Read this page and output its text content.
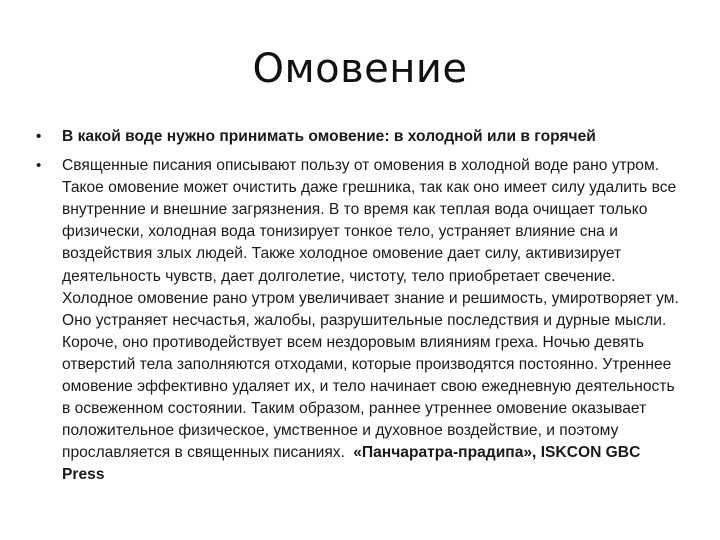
Омовение
•	В какой воде нужно принимать омовение: в холодной или в горячей
•	Священные писания описывают пользу от омовения в холодной воде рано утром. Такое омовение может очистить даже грешника, так как оно имеет силу удалить все внутренние и внешние загрязнения. В то время как теплая вода очищает только физически, холодная вода тонизирует тонкое тело, устраняет влияние сна и воздействия злых людей. Также холодное омовение дает силу, активизирует деятельность чувств, дает долголетие, чистоту, тело приобретает свечение. Холодное омовение рано утром увеличивает знание и решимость, умиротворяет ум. Оно устраняет несчастья, жалобы, разрушительные последствия и дурные мысли. Короче, оно противодействует всем нездоровым влияниям греха. Ночью девять отверстий тела заполняются отходами, которые производятся постоянно. Утреннее омовение эффективно удаляет их, и тело начинает свою ежедневную деятельность в освеженном состоянии. Таким образом, раннее утреннее омовение оказывает положительное физическое, умственное и духовное воздействие, и поэтому прославляется в священных писаниях. «Панчаратра-прадипа», ISKCON GBC Press
